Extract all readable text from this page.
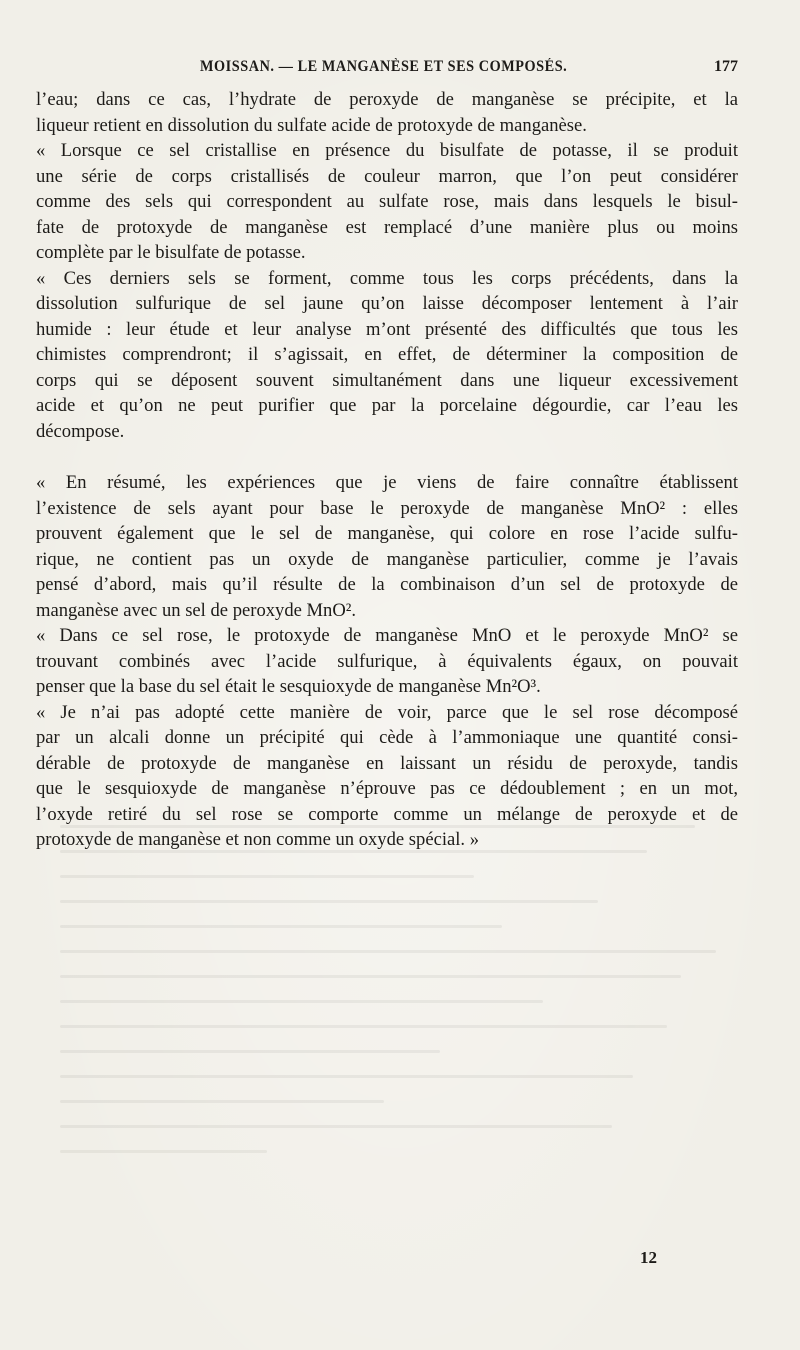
MOISSAN. — LE MANGANÈSE ET SES COMPOSÉS.	177
l’eau; dans ce cas, l’hydrate de peroxyde de manganèse se précipite, et la
liqueur retient en dissolution du sulfate acide de protoxyde de manganèse.
« Lorsque ce sel cristallise en présence du bisulfate de potasse, il se produit
une série de corps cristallisés de couleur marron, que l’on peut considérer
comme des sels qui correspondent au sulfate rose, mais dans lesquels le bisul-
fate de protoxyde de manganèse est remplacé d’une manière plus ou moins
complète par le bisulfate de potasse.
« Ces derniers sels se forment, comme tous les corps précédents, dans la
dissolution sulfurique de sel jaune qu’on laisse décomposer lentement à l’air
humide : leur étude et leur analyse m’ont présenté des difficultés que tous les
chimistes comprendront; il s’agissait, en effet, de déterminer la composition de
corps qui se déposent souvent simultanément dans une liqueur excessivement
acide et qu’on ne peut purifier que par la porcelaine dégourdie, car l’eau les
décompose.
« En résumé, les expériences que je viens de faire connaître établissent
l’existence de sels ayant pour base le peroxyde de manganèse MnO² : elles
prouvent également que le sel de manganèse, qui colore en rose l’acide sulfu-
rique, ne contient pas un oxyde de manganèse particulier, comme je l’avais
pensé d’abord, mais qu’il résulte de la combinaison d’un sel de protoxyde de
manganèse avec un sel de peroxyde MnO².
« Dans ce sel rose, le protoxyde de manganèse MnO et le peroxyde MnO² se
trouvant combinés avec l’acide sulfurique, à équivalents égaux, on pouvait
penser que la base du sel était le sesquioxyde de manganèse Mn²O³.
« Je n’ai pas adopté cette manière de voir, parce que le sel rose décomposé
par un alcali donne un précipité qui cède à l’ammoniaque une quantité consi-
dérable de protoxyde de manganèse en laissant un résidu de peroxyde, tandis
que le sesquioxyde de manganèse n’éprouve pas ce dédoublement ; en un mot,
l’oxyde retiré du sel rose se comporte comme un mélange de peroxyde et de
protoxyde de manganèse et non comme un oxyde spécial. »
12
